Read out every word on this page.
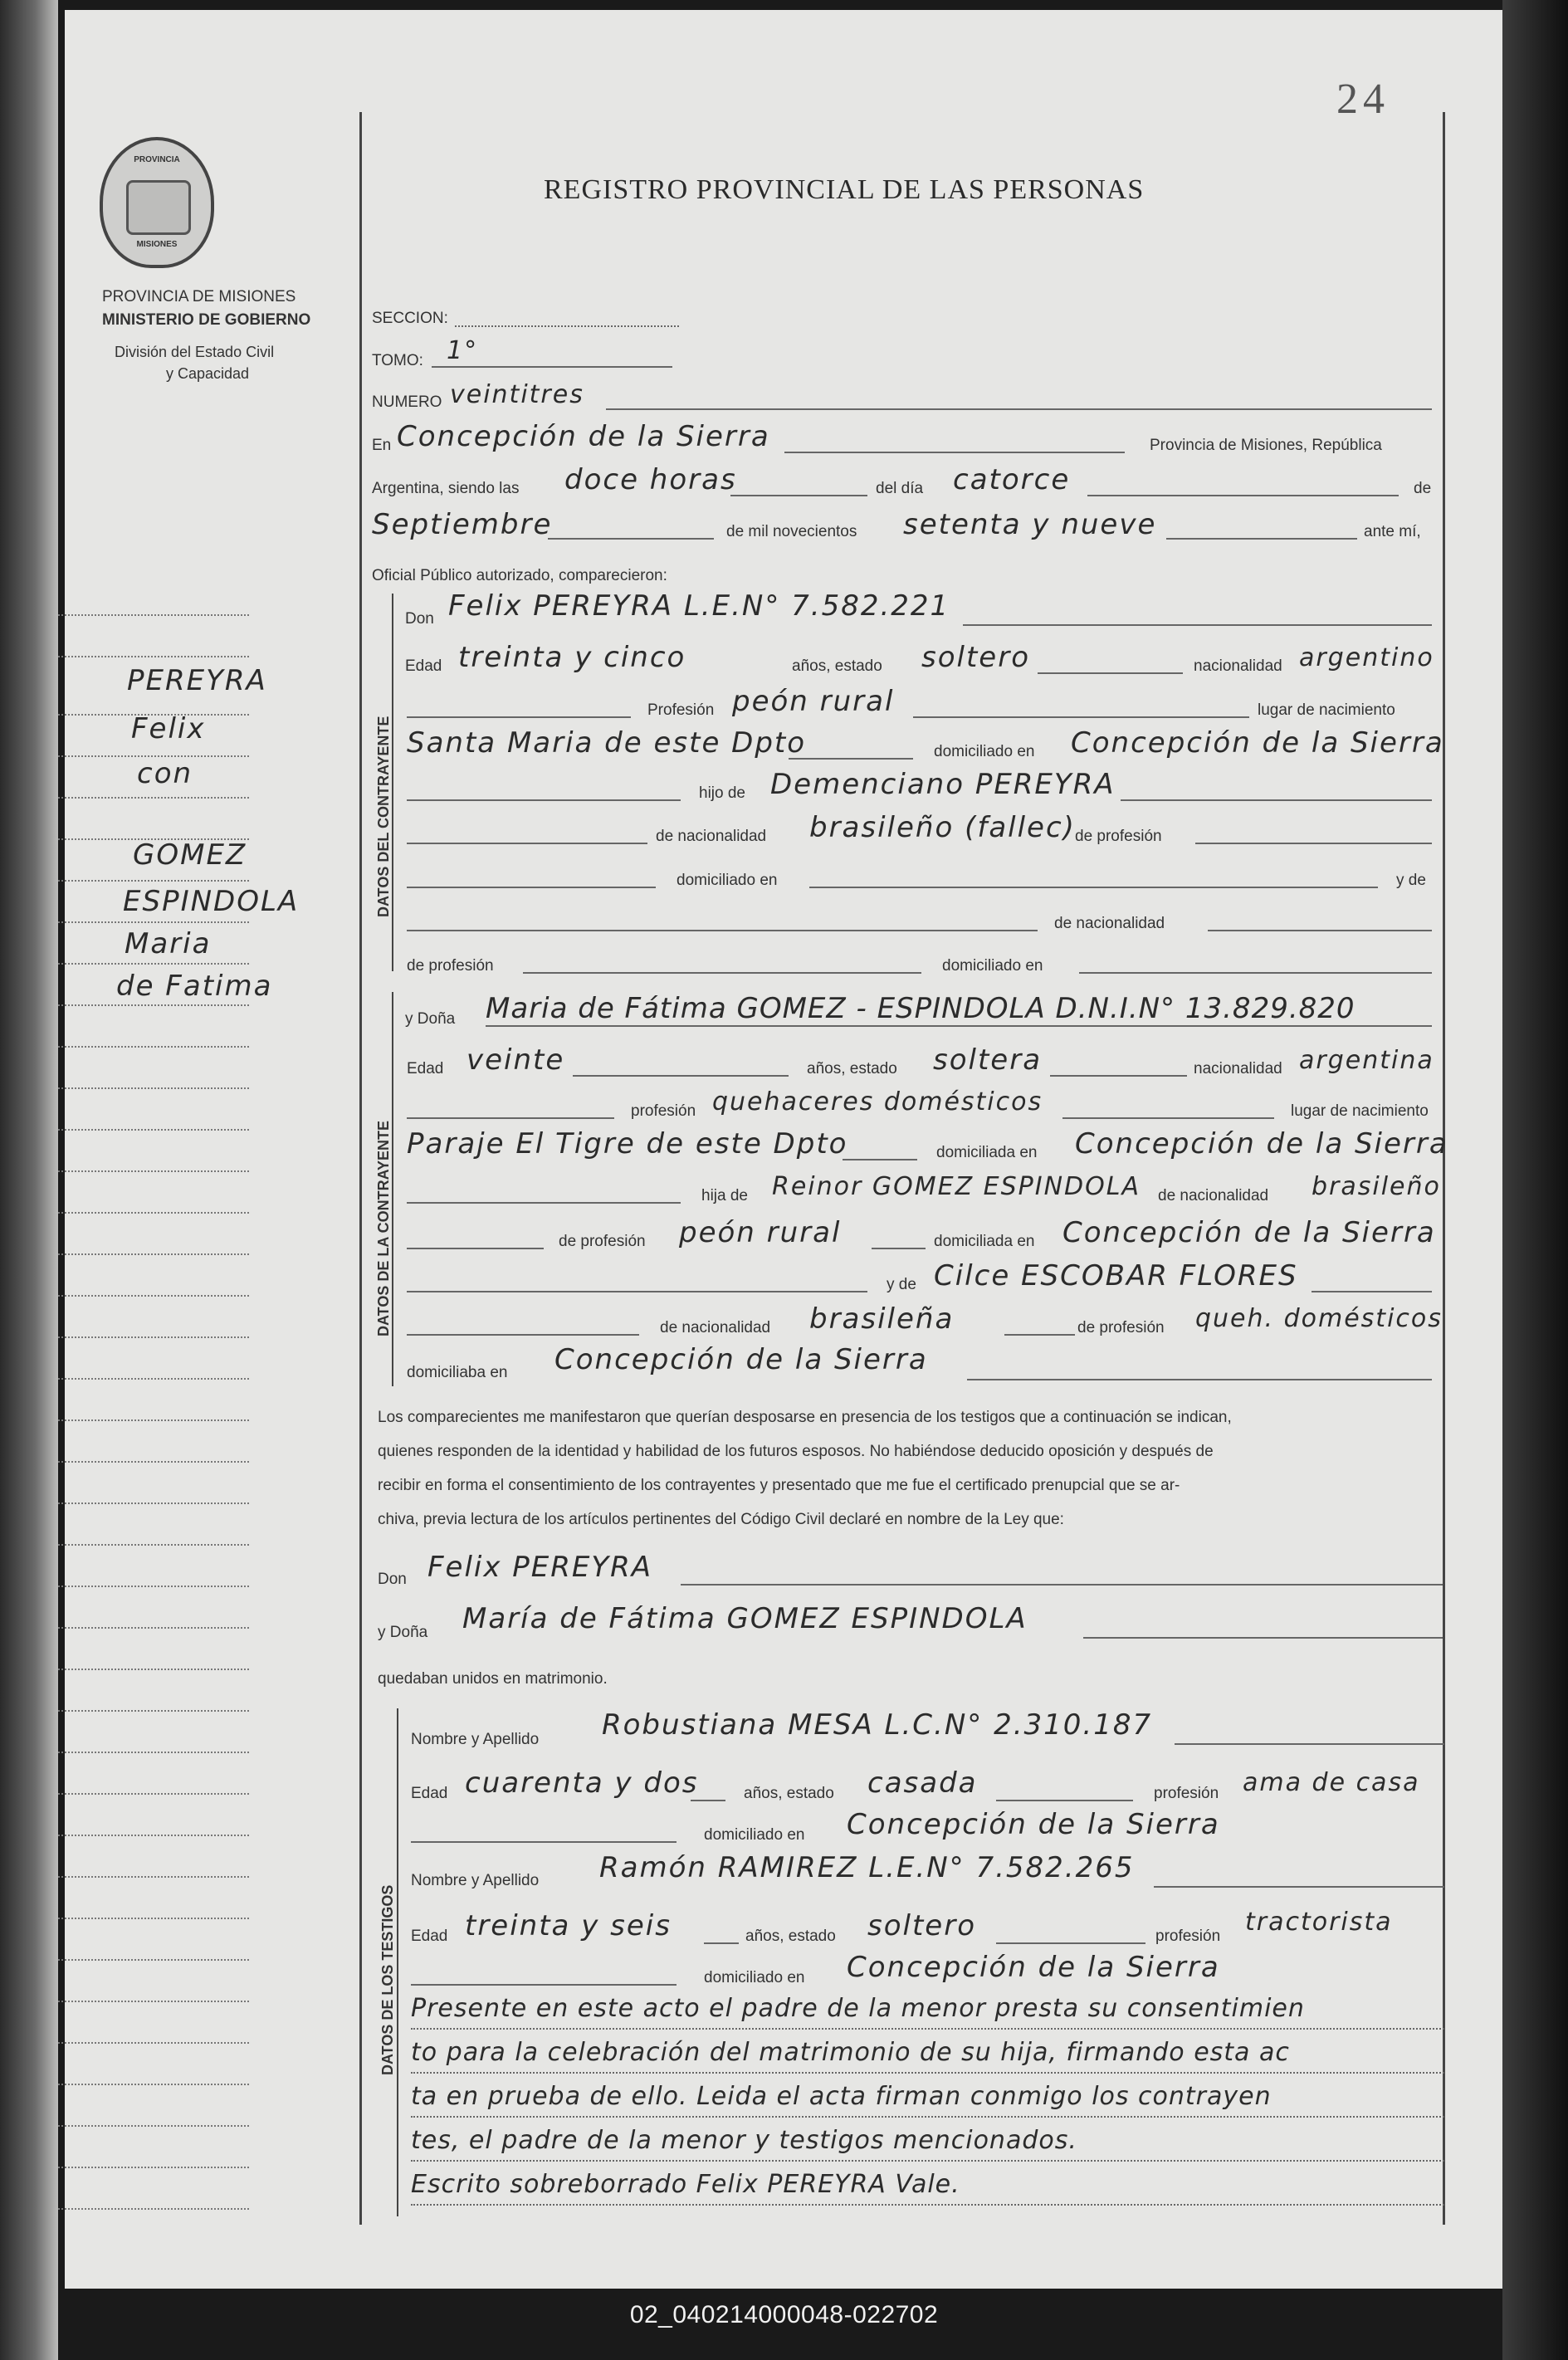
24
REGISTRO PROVINCIAL DE LAS PERSONAS
PROVINCIA
MISIONES
PROVINCIA DE MISIONES
MINISTERIO DE GOBIERNO
División del Estado Civil
y Capacidad
PEREYRA
Felix
con
GOMEZ
ESPINDOLA
Maria
de Fatima
SECCION:
TOMO: 1°
NUMERO veintitres
En Concepción de la Sierra	Provincia de Misiones, República
Argentina, siendo las doce horas	del día catorce	de
Septiembre	de mil novecientos setenta y nueve	ante mí,
Oficial Público autorizado, comparecieron:
DATOS DEL CONTRAYENTE
Don Felix PEREYRA L.E.N° 7.582.221
Edad treinta y cinco	años, estado soltero	nacionalidad argentino
Profesión peón rural	lugar de nacimiento
Santa Maria de este Dpto	domiciliado en Concepción de la Sierra
hijo de Demenciano PEREYRA
de nacionalidad brasileño (fallec) de profesión
domiciliado en	y de
de nacionalidad
de profesión	domiciliado en
DATOS DE LA CONTRAYENTE
y Doña Maria de Fátima GOMEZ - ESPINDOLA D.N.I.N° 13.829.820
Edad veinte	años, estado soltera	nacionalidad argentina
profesión quehaceres domésticos	lugar de nacimiento
Paraje El Tigre de este Dpto	domiciliada en Concepción de la Sierra
hija de Reinor GOMEZ ESPINDOLA de nacionalidad brasileño
de profesión peón rural	domiciliada en Concepción de la Sierra
y de Cilce ESCOBAR FLORES
de nacionalidad brasileña	de profesión queh. domésticos
domiciliaba en Concepción de la Sierra
Los comparecientes me manifestaron que querían desposarse en presencia de los testigos que a continuación se indican,
quienes responden de la identidad y habilidad de los futuros esposos. No habiéndose deducido oposición y después de
recibir en forma el consentimiento de los contrayentes y presentado que me fue el certificado prenupcial que se ar-
chiva, previa lectura de los artículos pertinentes del Código Civil declaré en nombre de la Ley que:
Don Felix PEREYRA
y Doña María de Fátima GOMEZ ESPINDOLA
quedaban unidos en matrimonio.
DATOS DE LOS TESTIGOS
Nombre y Apellido Robustiana MESA L.C.N° 2.310.187
Edad cuarenta y dos	años, estado casada	profesión ama de casa
domiciliado en Concepción de la Sierra
Nombre y Apellido Ramón RAMIREZ L.E.N° 7.582.265
Edad treinta y seis	años, estado soltero	profesión tractorista
domiciliado en Concepción de la Sierra
Presente en este acto el padre de la menor presta su consentimien
to para la celebración del matrimonio de su hija, firmando esta ac
ta en prueba de ello. Leida el acta firman conmigo los contrayen
tes, el padre de la menor y testigos mencionados.
Escrito sobreborrado Felix PEREYRA Vale.
02_040214000048-022702
